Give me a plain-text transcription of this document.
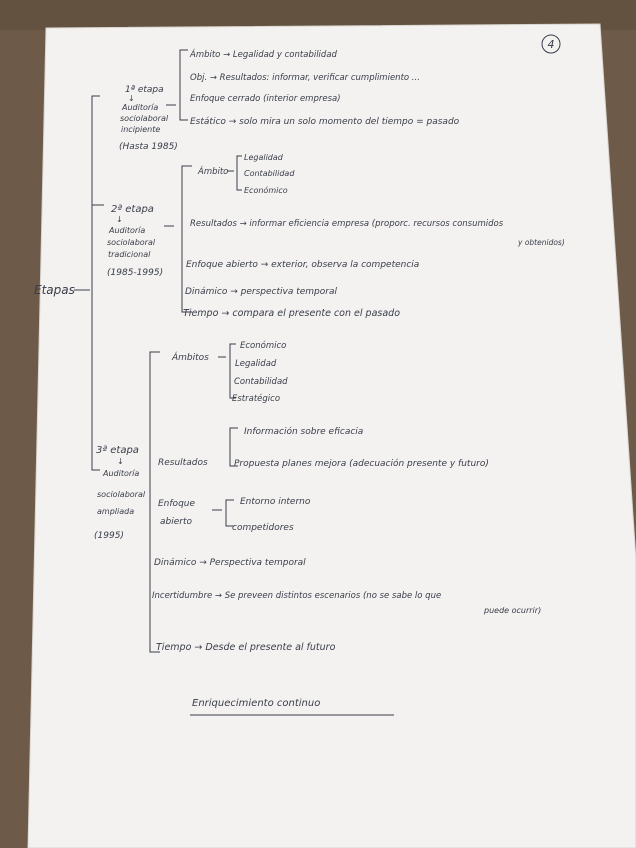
4
Etapas
1ª etapa
↓
Auditoría
sociolaboral
incipiente
(Hasta 1985)
Ámbito → Legalidad y contabilidad
Obj. → Resultados: informar, verificar cumplimiento ...
Enfoque cerrado (interior empresa)
Estático → solo mira un solo momento del tiempo = pasado
2ª etapa
↓
Auditoría
sociolaboral
tradicional
(1985-1995)
Ámbito
Legalidad
Contabilidad
Económico
Resultados → informar eficiencia empresa (proporc. recursos consumidos
y obtenidos)
Enfoque abierto → exterior, observa la competencia
Dinámico → perspectiva temporal
Tiempo → compara el presente con el pasado
3ª etapa
↓
Auditoría
sociolaboral
ampliada
(1995)
Ámbitos
Económico
Legalidad
Contabilidad
Estratégico
Resultados
Información sobre eficacia
Propuesta planes mejora (adecuación presente y futuro)
Enfoque
abierto
Entorno interno
competidores
Dinámico → Perspectiva temporal
Incertidumbre → Se preveen distintos escenarios (no se sabe lo que
puede ocurrir)
Tiempo → Desde el presente al futuro
Enriquecimiento continuo
